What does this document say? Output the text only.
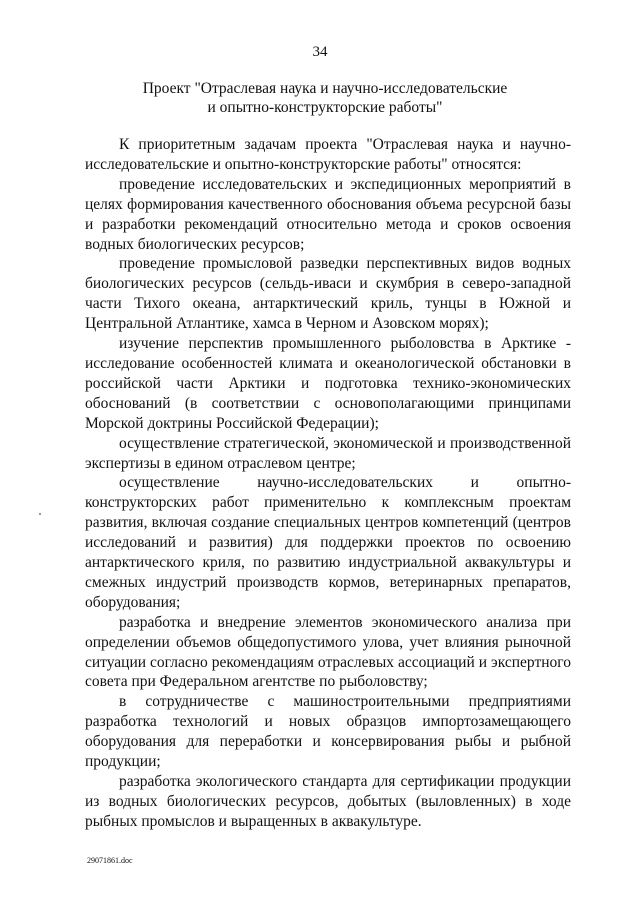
34
Проект "Отраслевая наука и научно-исследовательские
и опытно-конструкторские работы"

К приоритетным задачам проекта "Отраслевая наука и научно-исследовательские и опытно-конструкторские работы" относятся:

проведение исследовательских и экспедиционных мероприятий в целях формирования качественного обоснования объема ресурсной базы и разработки рекомендаций относительно метода и сроков освоения водных биологических ресурсов;

проведение промысловой разведки перспективных видов водных биологических ресурсов (сельдь-иваси и скумбрия в северо-западной части Тихого океана, антарктический криль, тунцы в Южной и Центральной Атлантике, хамса в Черном и Азовском морях);

изучение перспектив промышленного рыболовства в Арктике - исследование особенностей климата и океанологической обстановки в российской части Арктики и подготовка технико-экономических обоснований (в соответствии с основополагающими принципами Морской доктрины Российской Федерации);

осуществление стратегической, экономической и производственной экспертизы в едином отраслевом центре;

осуществление научно-исследовательских и опытно-конструкторских работ применительно к комплексным проектам развития, включая создание специальных центров компетенций (центров исследований и развития) для поддержки проектов по освоению антарктического криля, по развитию индустриальной аквакультуры и смежных индустрий производств кормов, ветеринарных препаратов, оборудования;

разработка и внедрение элементов экономического анализа при определении объемов общедопустимого улова, учет влияния рыночной ситуации согласно рекомендациям отраслевых ассоциаций и экспертного совета при Федеральном агентстве по рыболовству;

в сотрудничестве с машиностроительными предприятиями разработка технологий и новых образцов импортозамещающего оборудования для переработки и консервирования рыбы и рыбной продукции;

разработка экологического стандарта для сертификации продукции из водных биологических ресурсов, добытых (выловленных) в ходе рыбных промыслов и выращенных в аквакультуре.

29071861.doc
